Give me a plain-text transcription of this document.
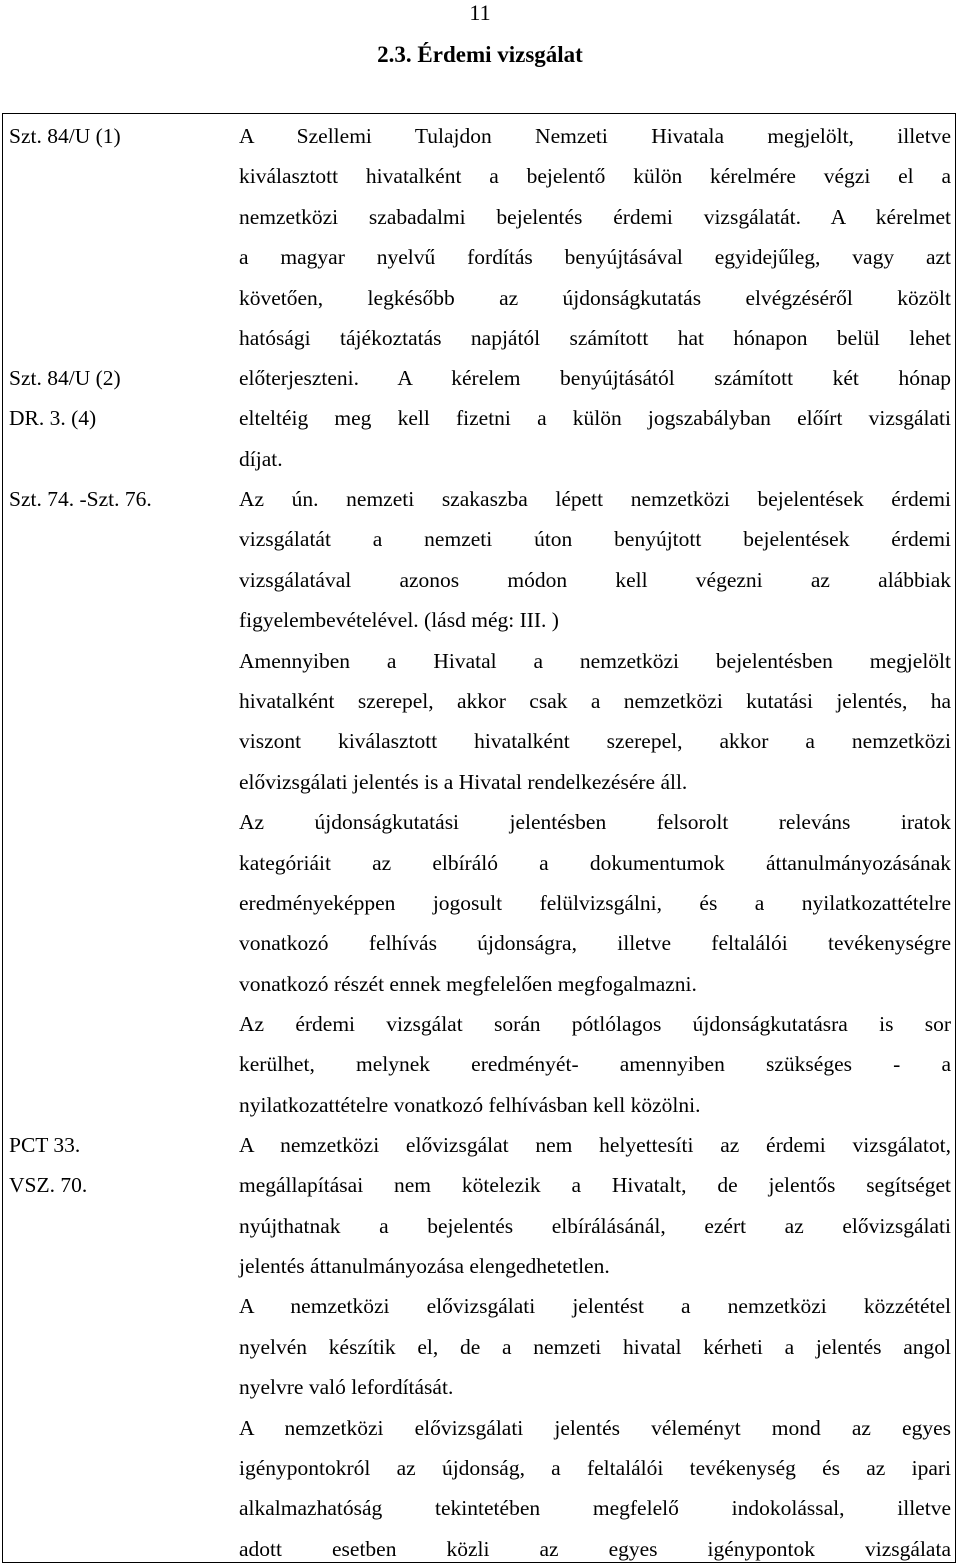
11
2.3. Érdemi vizsgálat
Szt. 84/U (1)
Szt. 84/U (2)
DR. 3. (4)
Szt. 74. -Szt. 76.
PCT 33.
VSZ. 70.
A Szellemi Tulajdon Nemzeti Hivatala megjelölt, illetve
kiválasztott hivatalként a bejelentő külön kérelmére végzi el a
nemzetközi szabadalmi bejelentés érdemi vizsgálatát. A kérelmet
a magyar nyelvű fordítás benyújtásával egyidejűleg, vagy azt
követően, legkésőbb az újdonságkutatás elvégzéséről közölt
hatósági tájékoztatás napjától számított hat hónapon belül lehet
előterjeszteni. A kérelem benyújtásától számított két hónap
elteltéig meg kell fizetni a külön jogszabályban előírt vizsgálati
díjat.
Az ún. nemzeti szakaszba lépett nemzetközi bejelentések érdemi
vizsgálatát a nemzeti úton benyújtott bejelentések érdemi
vizsgálatával azonos módon kell végezni az alábbiak
figyelembevételével. (lásd még: III. )
Amennyiben a Hivatal a nemzetközi bejelentésben megjelölt
hivatalként szerepel, akkor csak a nemzetközi kutatási jelentés, ha
viszont kiválasztott hivatalként szerepel, akkor a nemzetközi
elővizsgálati jelentés is a Hivatal rendelkezésére áll.
Az újdonságkutatási jelentésben felsorolt releváns iratok
kategóriáit az elbíráló a dokumentumok áttanulmányozásának
eredményeképpen jogosult felülvizsgálni, és a nyilatkozattételre
vonatkozó felhívás újdonságra, illetve feltalálói tevékenységre
vonatkozó részét ennek megfelelően megfogalmazni.
Az érdemi vizsgálat során pótlólagos újdonságkutatásra is sor
kerülhet, melynek eredményét- amennyiben szükséges - a
nyilatkozattételre vonatkozó felhívásban kell közölni.
A nemzetközi elővizsgálat nem helyettesíti az érdemi vizsgálatot,
megállapításai nem kötelezik a Hivatalt, de jelentős segítséget
nyújthatnak a bejelentés elbírálásánál, ezért az elővizsgálati
jelentés áttanulmányozása elengedhetetlen.
A nemzetközi elővizsgálati jelentést a nemzetközi közzététel
nyelvén készítik el, de a nemzeti hivatal kérheti a jelentés angol
nyelvre való lefordítását.
A nemzetközi elővizsgálati jelentés véleményt mond az egyes
igénypontokról az újdonság, a feltalálói tevékenység és az ipari
alkalmazhatóság tekintetében megfelelő indokolással, illetve
adott esetben közli az egyes igénypontok vizsgálata
